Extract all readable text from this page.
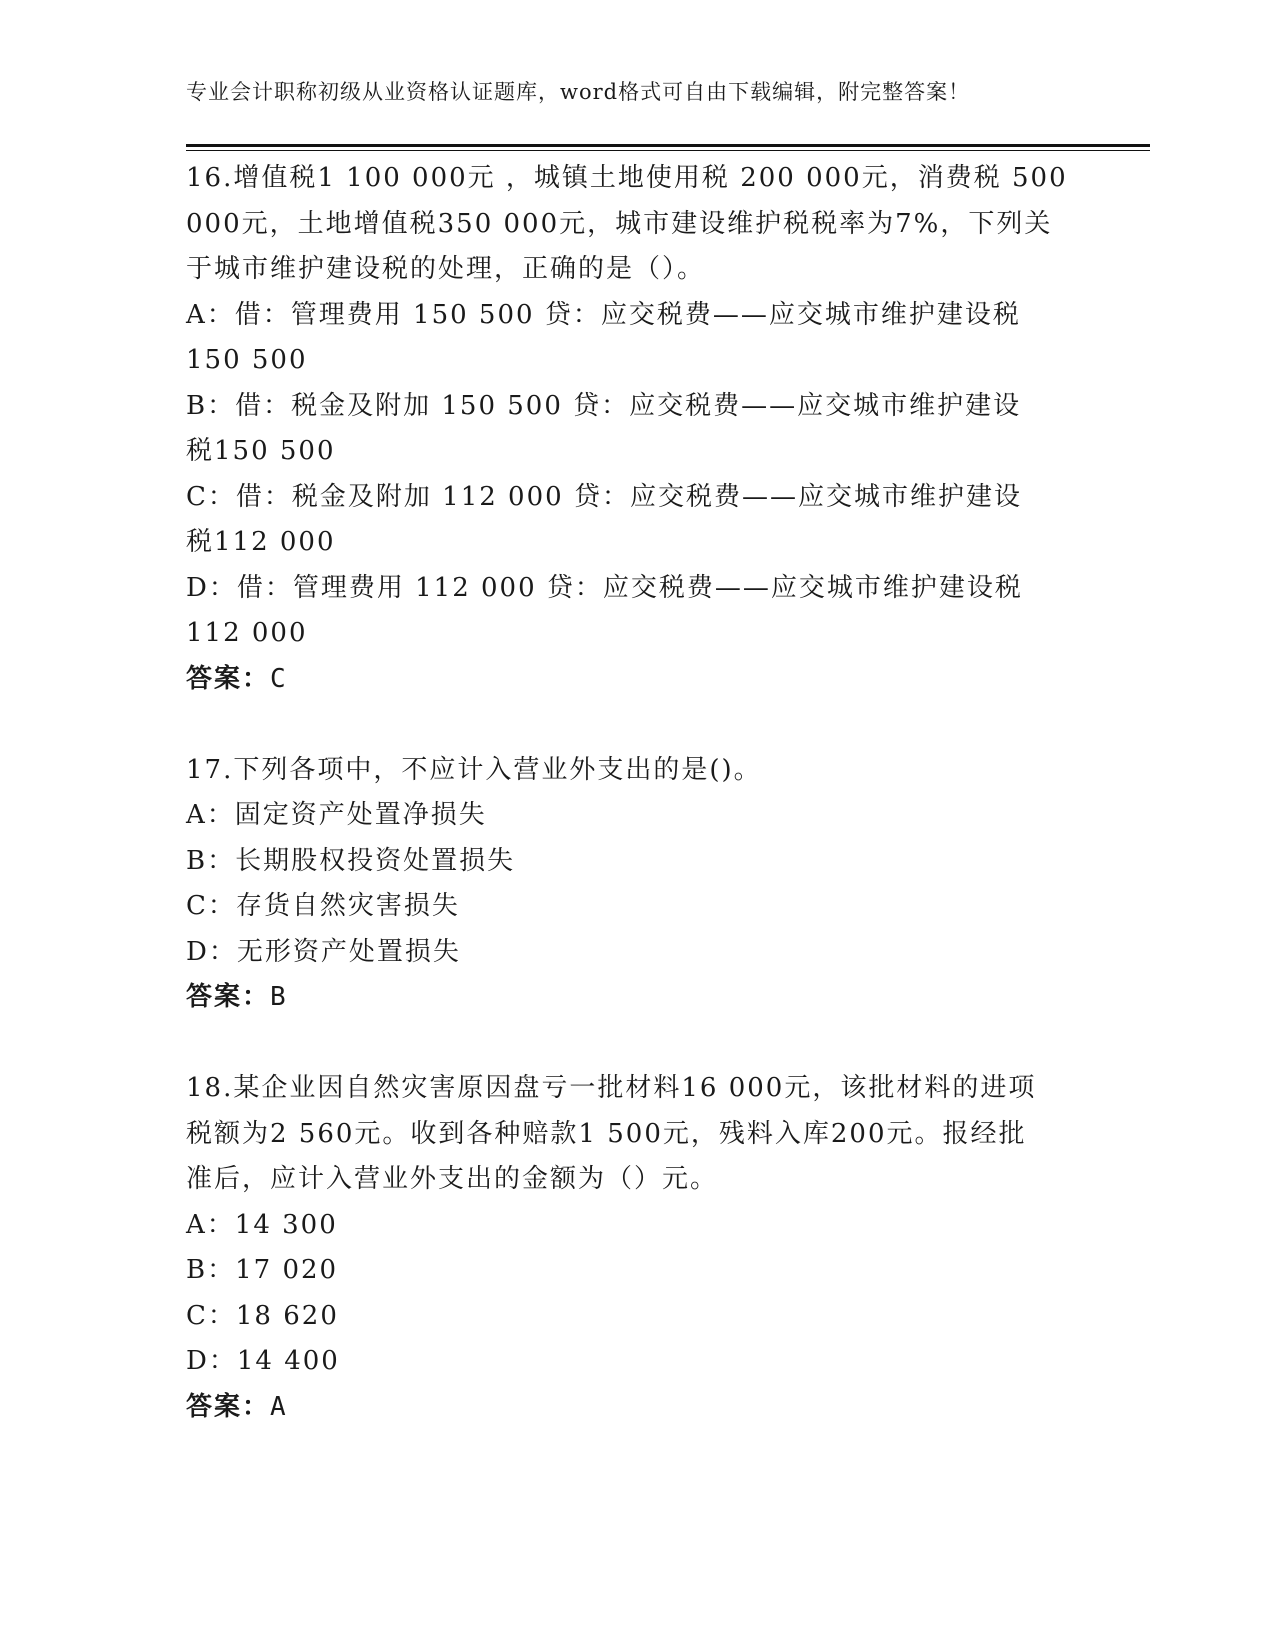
专业会计职称初级从业资格认证题库，word格式可自由下载编辑，附完整答案！
16.增值税1 100 000元 ，城镇土地使用税 200 000元，消费税 500
000元，土地增值税350 000元，城市建设维护税税率为7%，下列关
于城市维护建设税的处理，正确的是（）。
A：借：管理费用 150 500 贷：应交税费——应交城市维护建设税
150 500
B：借：税金及附加 150 500 贷：应交税费——应交城市维护建设
税150 500
C：借：税金及附加 112 000 贷：应交税费——应交城市维护建设
税112 000
D：借：管理费用 112 000 贷：应交税费——应交城市维护建设税
112 000
答案：C
17.下列各项中，不应计入营业外支出的是()。
A：固定资产处置净损失
B：长期股权投资处置损失
C：存货自然灾害损失
D：无形资产处置损失
答案：B
18.某企业因自然灾害原因盘亏一批材料16 000元，该批材料的进项
税额为2 560元。收到各种赔款1 500元，残料入库200元。报经批
准后，应计入营业外支出的金额为（）元。
A：14 300
B：17 020
C：18 620
D：14 400
答案：A
